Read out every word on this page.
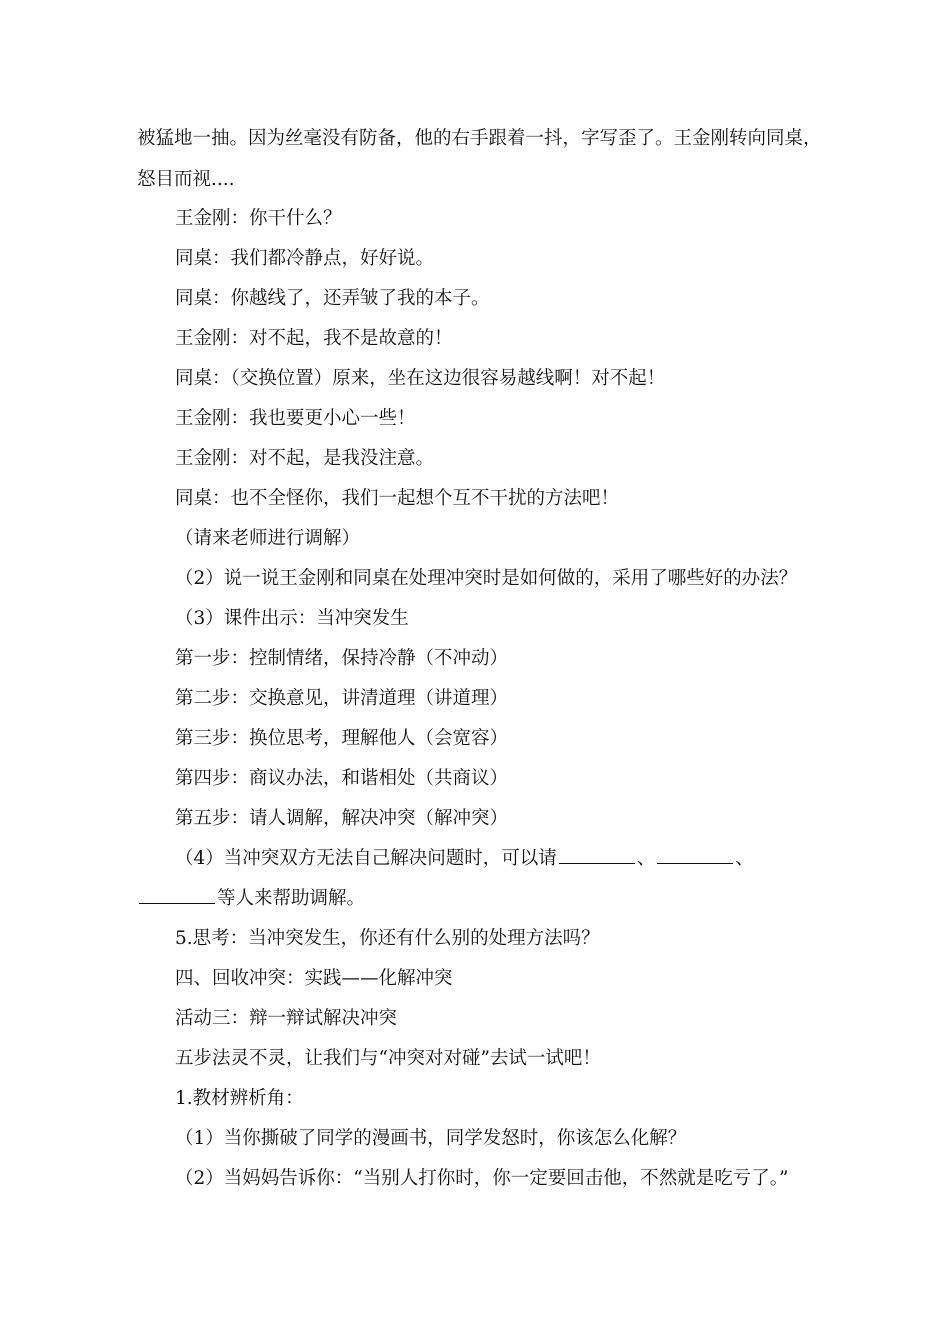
被猛地一抽。因为丝毫没有防备，他的右手跟着一抖，字写歪了。王金刚转向同桌，
怒目而视....
王金刚：你干什么？
同桌：我们都冷静点，好好说。
同桌：你越线了，还弄皱了我的本子。
王金刚：对不起，我不是故意的！
同桌：（交换位置）原来，坐在这边很容易越线啊！对不起！
王金刚：我也要更小心一些！
王金刚：对不起，是我没注意。
同桌：也不全怪你，我们一起想个互不干扰的方法吧！
（请来老师进行调解）
（2）说一说王金刚和同桌在处理冲突时是如何做的，采用了哪些好的办法？
（3）课件出示：当冲突发生
第一步：控制情绪，保持冷静（不冲动）
第二步：交换意见，讲清道理（讲道理）
第三步：换位思考，理解他人（会宽容）
第四步：商议办法，和谐相处（共商议）
第五步：请人调解，解决冲突（解冲突）
（4）当冲突双方无法自己解决问题时，可以请	、	、
等人来帮助调解。
5.思考：当冲突发生，你还有什么别的处理方法吗？
四、回收冲突：实践——化解冲突
活动三：辩一辩试解决冲突
五步法灵不灵，让我们与“冲突对对碰”去试一试吧！
1.教材辨析角：
（1）当你撕破了同学的漫画书，同学发怒时，你该怎么化解？
（2）当妈妈告诉你：“当别人打你时，你一定要回击他，不然就是吃亏了。”
